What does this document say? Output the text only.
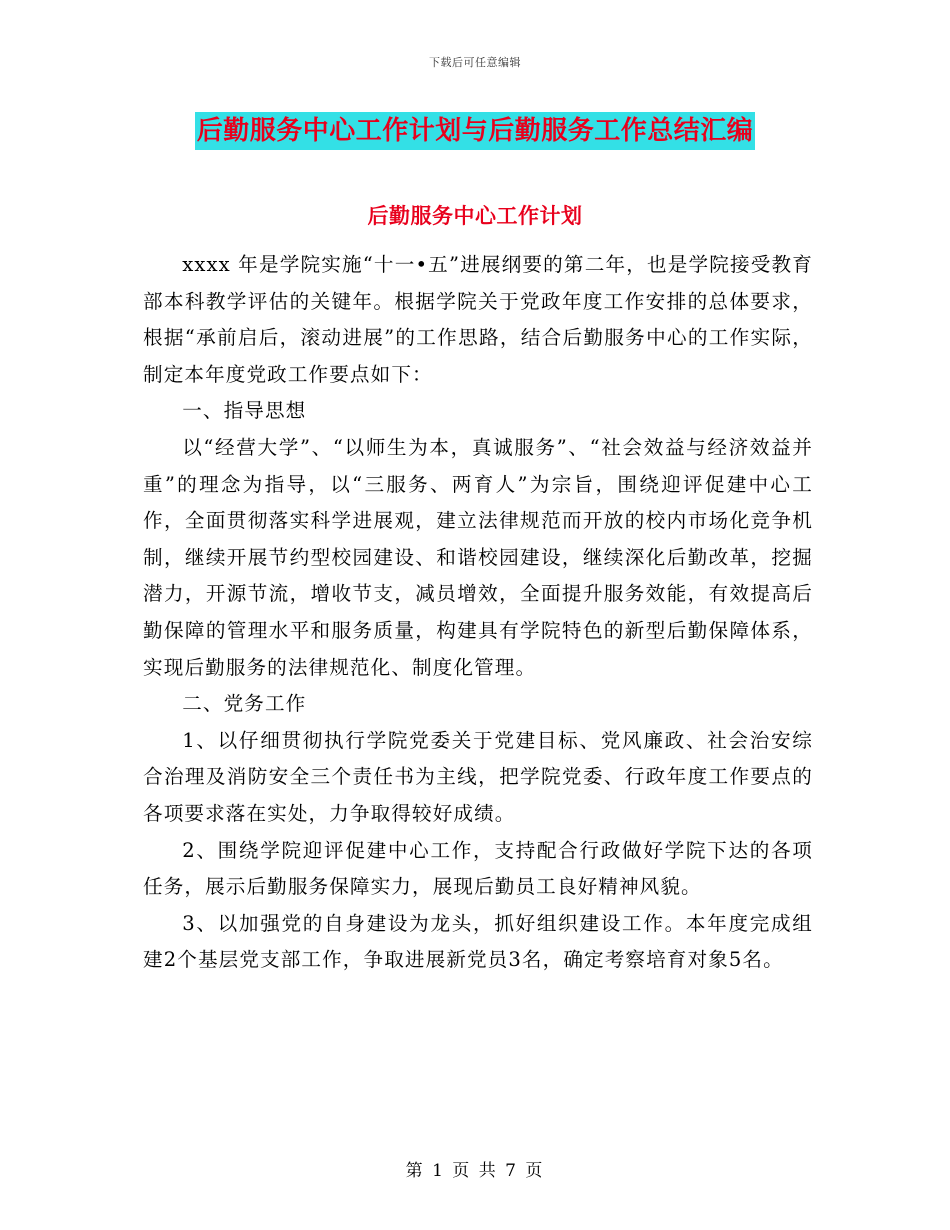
下载后可任意编辑
后勤服务中心工作计划与后勤服务工作总结汇编
后勤服务中心工作计划

xxxx 年是学院实施“十一•五”进展纲要的第二年，也是学院接受教育部本科教学评估的关键年。根据学院关于党政年度工作安排的总体要求，根据“承前启后，滚动进展”的工作思路，结合后勤服务中心的工作实际，制定本年度党政工作要点如下：

一、指导思想

以“经营大学”、“以师生为本，真诚服务”、“社会效益与经济效益并重”的理念为指导，以“三服务、两育人”为宗旨，围绕迎评促建中心工作，全面贯彻落实科学进展观，建立法律规范而开放的校内市场化竞争机制，继续开展节约型校园建设、和谐校园建设，继续深化后勤改革，挖掘潜力，开源节流，增收节支，减员增效，全面提升服务效能，有效提高后勤保障的管理水平和服务质量，构建具有学院特色的新型后勤保障体系，实现后勤服务的法律规范化、制度化管理。

二、党务工作

1、以仔细贯彻执行学院党委关于党建目标、党风廉政、社会治安综合治理及消防安全三个责任书为主线，把学院党委、行政年度工作要点的各项要求落在实处，力争取得较好成绩。

2、围绕学院迎评促建中心工作，支持配合行政做好学院下达的各项任务，展示后勤服务保障实力，展现后勤员工良好精神风貌。

3、以加强党的自身建设为龙头，抓好组织建设工作。本年度完成组建2个基层党支部工作，争取进展新党员3名，确定考察培育对象5名。

第 1 页 共 7 页
